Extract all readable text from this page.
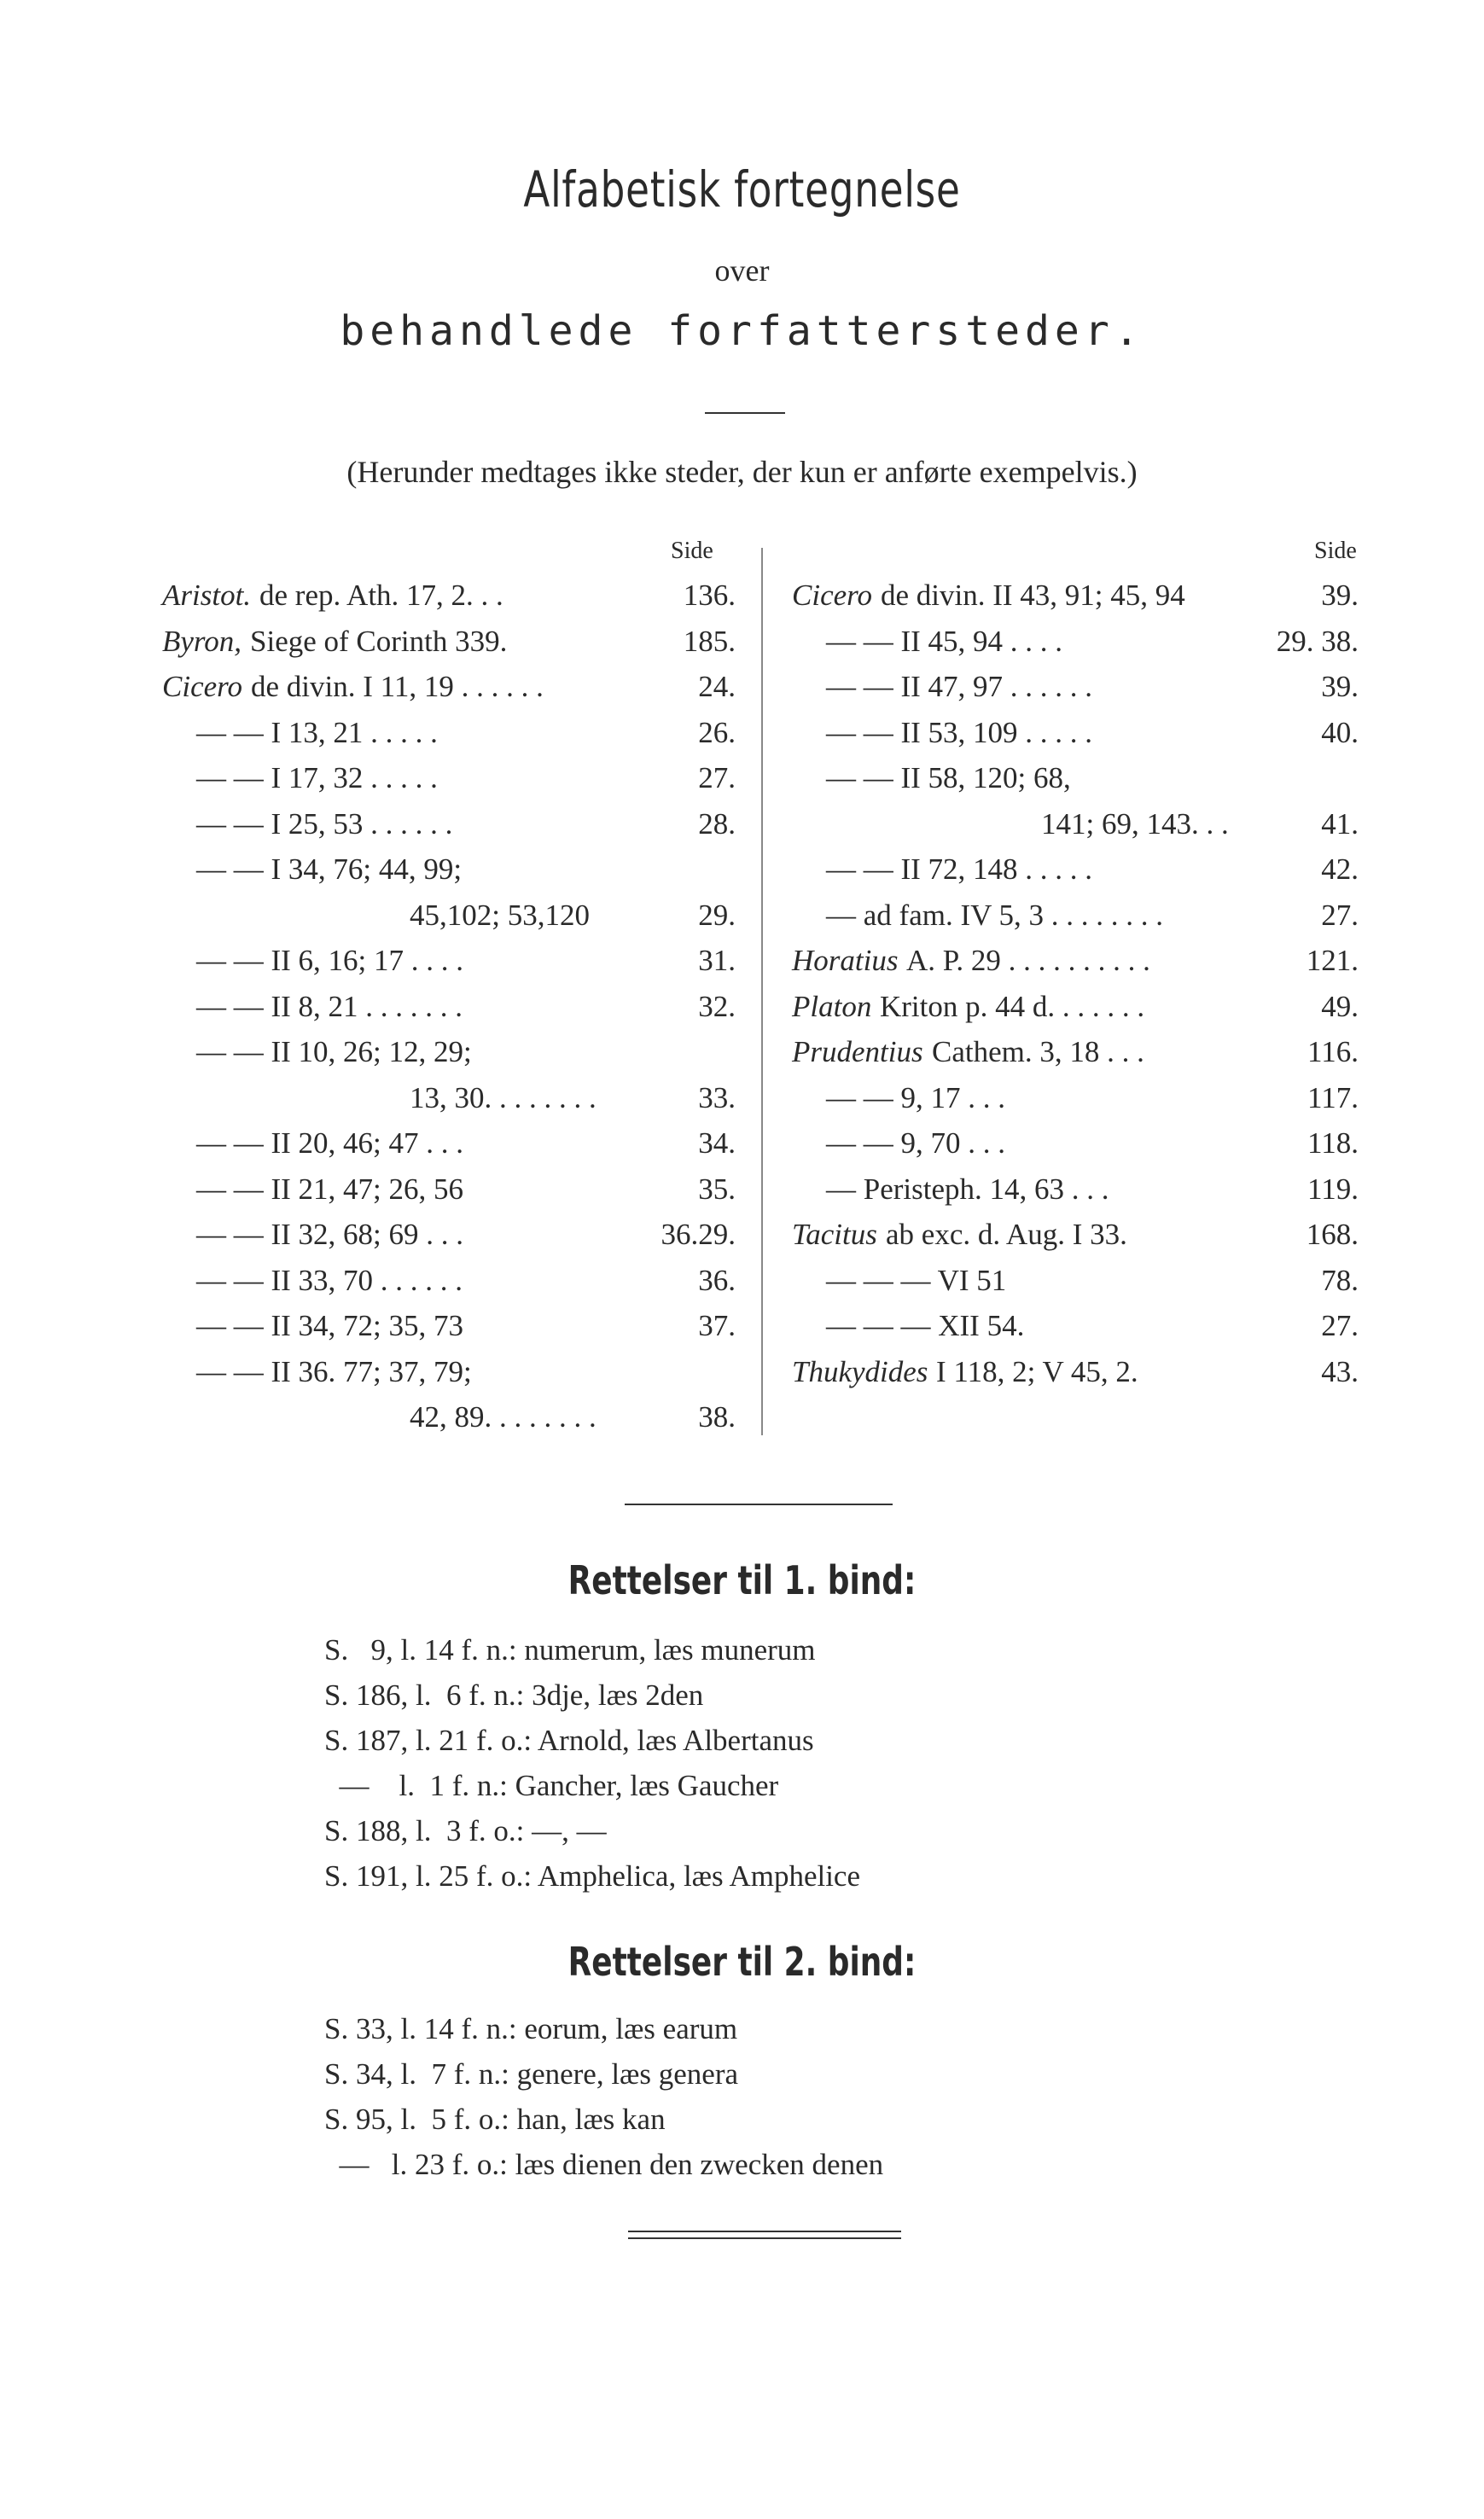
Alfabetisk fortegnelse
over
behandlede forfattersteder.
(Herunder medtages ikke steder, der kun er anførte exempelvis.)
Side	Side
Aristot. de rep. Ath. 17, 2. . .	136.
Byron, Siege of Corinth 339.	185.
Cicero de divin. I 11, 19 . . . . . .	24.
— — I 13, 21 . . . . .	26.
— — I 17, 32 . . . . .	27.
— — I 25, 53 . . . . . .	28.
— — I 34, 76; 44, 99;
45,102; 53,120	29.
— — II 6, 16; 17 . . . .	31.
— — II 8, 21 . . . . . . .	32.
— — II 10, 26; 12, 29;
13, 30. . . . . . . .	33.
— — II 20, 46; 47 . . .	34.
— — II 21, 47; 26, 56	35.
— — II 32, 68; 69 . . .	36.29.
— — II 33, 70 . . . . . .	36.
— — II 34, 72; 35, 73	37.
— — II 36. 77; 37, 79;
42, 89. . . . . . . .	38.
Cicero de divin. II 43, 91; 45, 94	39.
— — II 45, 94 . . . .	29. 38.
— — II 47, 97 . . . . . .	39.
— — II 53, 109 . . . . .	40.
— — II 58, 120; 68,
141; 69, 143. . .	41.
— — II 72, 148 . . . . .	42.
— ad fam. IV 5, 3 . . . . . . . .	27.
Horatius A. P. 29 . . . . . . . . . .	121.
Platon Kriton p. 44 d. . . . . . .	49.
Prudentius Cathem. 3, 18 . . .	116.
— — 9, 17 . . .	117.
— — 9, 70 . . .	118.
— Peristeph. 14, 63 . . .	119.
Tacitus ab exc. d. Aug. I 33.	168.
— — — VI 51	78.
— — — XII 54.	27.
Thukydides I 118, 2; V 45, 2.	43.
Rettelser til 1. bind:
S.   9, l. 14 f. n.: numerum, læs munerum
S. 186, l.  6 f. n.: 3dje, læs 2den
S. 187, l. 21 f. o.: Arnold, læs Albertanus
—    l.  1 f. n.: Gancher, læs Gaucher
S. 188, l.  3 f. o.: —, —
S. 191, l. 25 f. o.: Amphelica, læs Amphelice
Rettelser til 2. bind:
S. 33, l. 14 f. n.: eorum, læs earum
S. 34, l.  7 f. n.: genere, læs genera
S. 95, l.  5 f. o.: han, læs kan
—   l. 23 f. o.: læs dienen den zwecken denen
